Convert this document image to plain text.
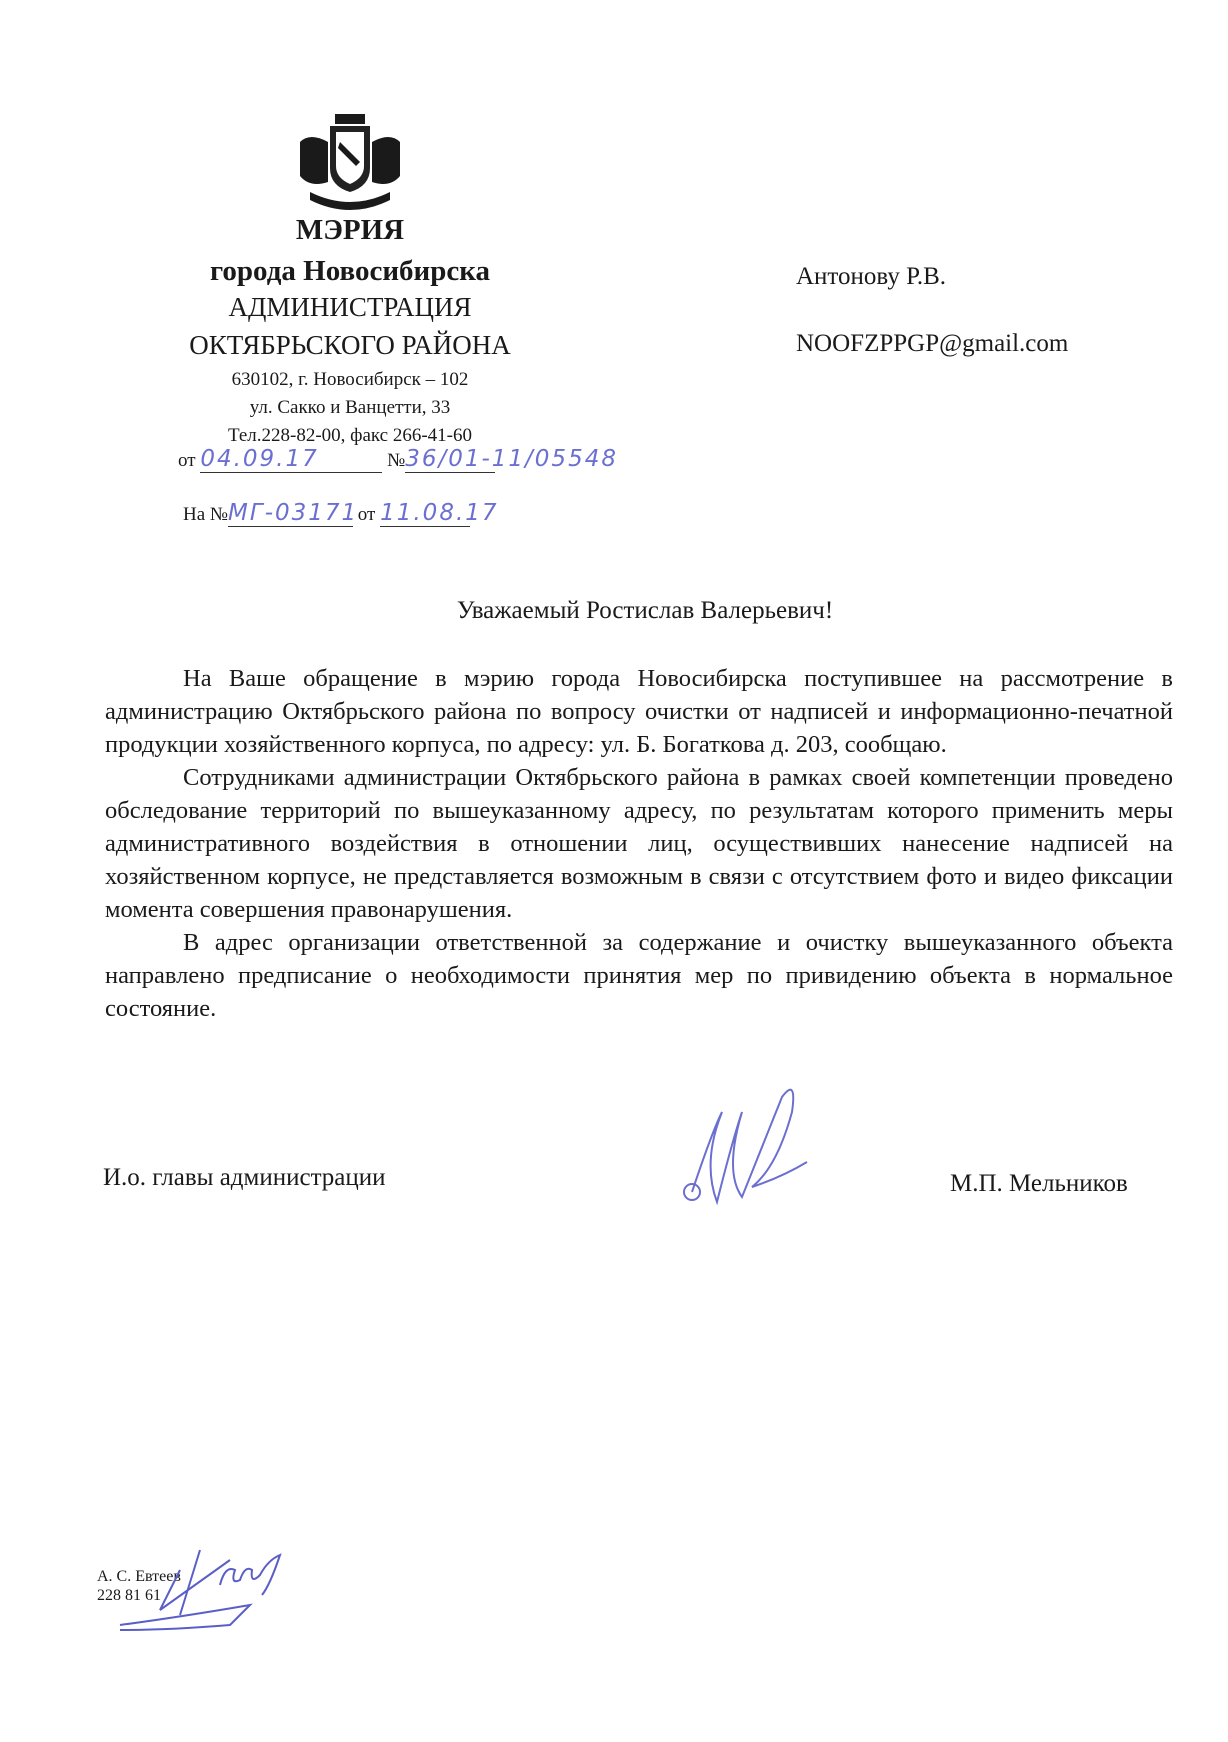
МЭРИЯ
города Новосибирска
АДМИНИСТРАЦИЯ
ОКТЯБРЬСКОГО РАЙОНА
630102, г. Новосибирск – 102
ул. Сакко и Ванцетти, 33
Тел.228-82-00, факс 266-41-60
от 04.09.17	№36/01-11/05548
На №МГ-03171 от 11.08.17
Антонову Р.В.
NOOFZPPGP@gmail.com
Уважаемый Ростислав Валерьевич!

На Ваше обращение в мэрию города Новосибирска поступившее на рассмотрение в администрацию Октябрьского района по вопросу очистки от надписей и информационно-печатной продукции хозяйственного корпуса, по адресу: ул. Б. Богаткова д. 203, сообщаю.

Сотрудниками администрации Октябрьского района в рамках своей компетенции проведено обследование территорий по вышеуказанному адресу, по результатам которого применить меры административного воздействия в отношении лиц, осуществивших нанесение надписей на хозяйственном корпусе, не представляется возможным в связи с отсутствием фото и видео фиксации момента совершения правонарушения.

В адрес организации ответственной за содержание и очистку вышеуказанного объекта направлено предписание о необходимости принятия мер по привидению объекта в нормальное состояние.

И.о. главы администрации	М.П. Мельников
А. С. Евтеев
228 81 61
